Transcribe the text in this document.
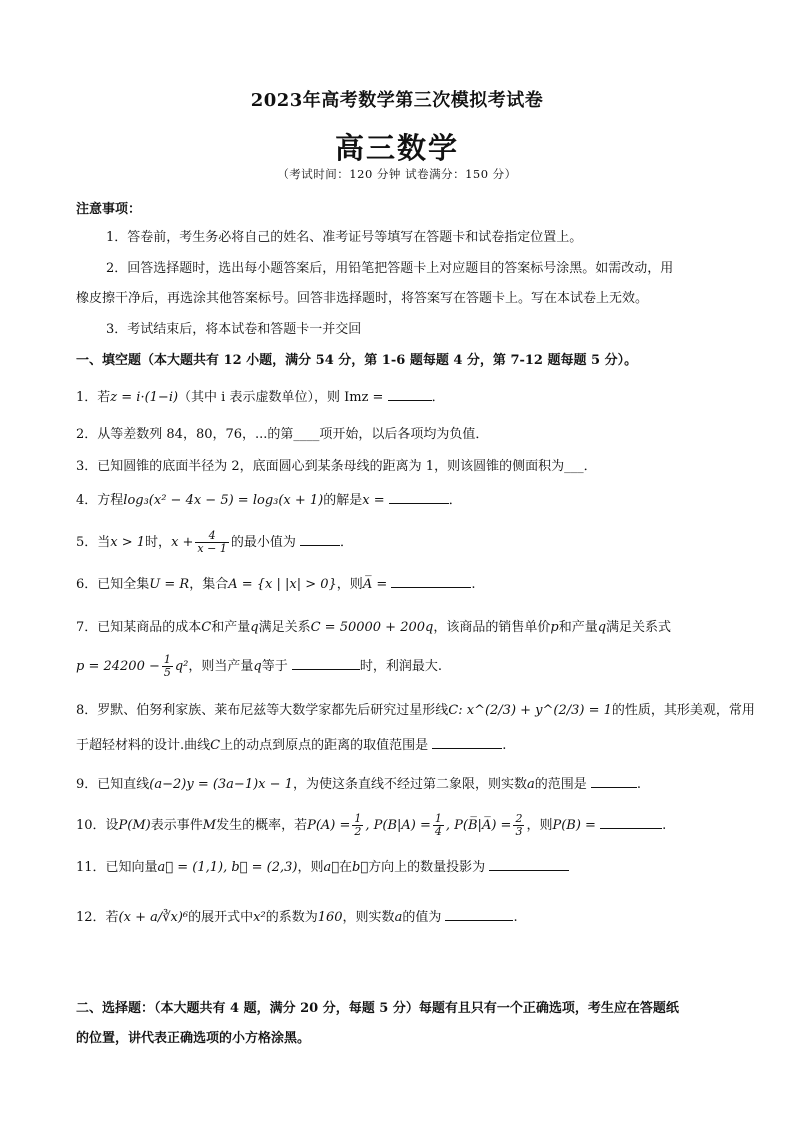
2023年高考数学第三次模拟考试卷
高三数学
（考试时间：120 分钟 试卷满分：150 分）
注意事项：
1．答卷前，考生务必将自己的姓名、准考证号等填写在答题卡和试卷指定位置上。
2．回答选择题时，选出每小题答案后，用铅笔把答题卡上对应题目的答案标号涂黑。如需改动，用
橡皮擦干净后，再选涂其他答案标号。回答非选择题时，将答案写在答题卡上。写在本试卷上无效。
3．考试结束后，将本试卷和答题卡一并交回
一、填空题（本大题共有 12 小题，满分 54 分，第 1-6 题每题 4 分，第 7-12 题每题 5 分）。
1．若z = i·(1−i)（其中 i 表示虚数单位），则 Imz =	．
2．从等差数列 84，80，76，...的第____项开始，以后各项均为负值．
3．已知圆锥的底面半径为 2，底面圆心到某条母线的距离为 1，则该圆锥的侧面积为___．
4．方程log₃(x² − 4x − 5) = log₃(x + 1)的解是x =	．
5．当x > 1时，$x + \frac{4}{x - 1}$ 的最小值为	．
6．已知全集U = R，集合A = {x | |x| > 0}，则A̅ =	.
7．已知某商品的成本C和产量q满足关系C = 50000 + 200q，该商品的销售单价p和产量q满足关系式
$p = 24200 - \frac{1}{5} q^2$，则当产量q等于	时，利润最大.
8．罗默、伯努利家族、莱布尼兹等大数学家都先后研究过星形线C: x^(2/3) + y^(2/3) = 1的性质，其形美观，常用
于超轻材料的设计.曲线C上的动点到原点的距离的取值范围是	.
9．已知直线(a−2)y = (3a−1)x − 1，为使这条直线不经过第二象限，则实数a的范围是	.
10．设P(M)表示事件M发生的概率，若$P(A) = \frac{1}{2}$ , $P(B|A) = \frac{1}{4}$ , P(B̅|A̅) = $\frac{2}{3}$ ，则P(B) =	.
11．已知向量a⃗ = (1,1), b⃗ = (2,3)，则a⃗在b⃗方向上的数量投影为
12．若(x + a/∛x)⁶的展开式中x²的系数为160，则实数a的值为	.
二、选择题：（本大题共有 4 题，满分 20 分，每题 5 分）每题有且只有一个正确选项，考生应在答题纸
的位置，讲代表正确选项的小方格涂黑。
